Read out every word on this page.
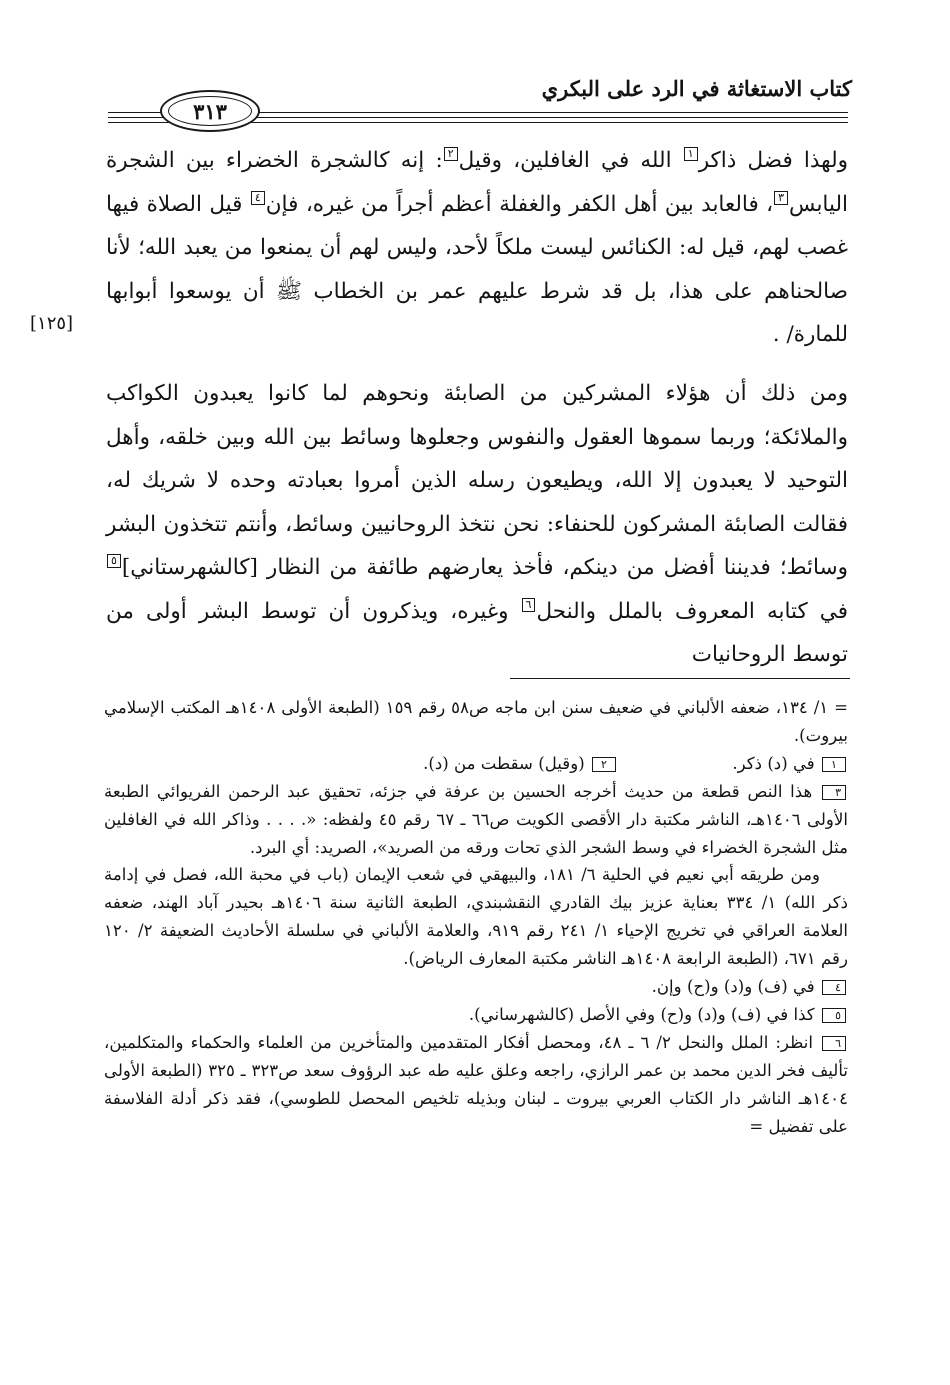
كتاب الاستغاثة في الرد على البكري
٣١٣
ولهذا فضل ذاكر١ الله في الغافلين، وقيل٢: إنه كالشجرة الخضراء بين الشجرة اليابس٣، فالعابد بين أهل الكفر والغفلة أعظم أجراً من غيره، فإن٤ قيل الصلاة فيها غصب لهم، قيل له: الكنائس ليست ملكاً لأحد، وليس لهم أن يمنعوا من يعبد الله؛ لأنا صالحناهم على هذا، بل قد شرط عليهم عمر بن الخطاب ﷺ أن يوسعوا أبوابها للمارة/ .
ومن ذلك أن هؤلاء المشركين من الصابئة ونحوهم لما كانوا يعبدون الكواكب والملائكة؛ وربما سموها العقول والنفوس وجعلوها وسائط بين الله وبين خلقه، وأهل التوحيد لا يعبدون إلا الله، ويطيعون رسله الذين أمروا بعبادته وحده لا شريك له، فقالت الصابئة المشركون للحنفاء: نحن نتخذ الروحانيين وسائط، وأنتم تتخذون البشر وسائط؛ فديننا أفضل من دينكم، فأخذ يعارضهم طائفة من النظار [كالشهرستاني]٥ في كتابه المعروف بالملل والنحل٦ وغيره، ويذكرون أن توسط البشر أولى من توسط الروحانيات
[١٢٥]

= ١/ ١٣٤، ضعفه الألباني في ضعيف سنن ابن ماجه ص٥٨ رقم ١٥٩ (الطبعة الأولى ١٤٠٨هـ المكتب الإسلامي بيروت).

١ في (د) ذكر.
٢ (وقيل) سقطت من (د).

٣ هذا النص قطعة من حديث أخرجه الحسين بن عرفة في جزئه، تحقيق عبد الرحمن الفريوائي الطبعة الأولى ١٤٠٦هـ، الناشر مكتبة دار الأقصى الكويت ص٦٦ ـ ٦٧ رقم ٤٥ ولفظه: «. . . . وذاكر الله في الغافلين مثل الشجرة الخضراء في وسط الشجر الذي تحات ورقه من الصريد»، الصريد: أي البرد.

ومن طريقه أبي نعيم في الحلية ٦/ ١٨١، والبيهقي في شعب الإيمان (باب في محبة الله، فصل في إدامة ذكر الله) ١/ ٣٣٤ بعناية عزيز بيك القادري النقشبندي، الطبعة الثانية سنة ١٤٠٦هـ بحيدر آباد الهند، ضعفه العلامة العراقي في تخريج الإحياء ١/ ٢٤١ رقم ٩١٩، والعلامة الألباني في سلسلة الأحاديث الضعيفة ٢/ ١٢٠ رقم ٦٧١، (الطبعة الرابعة ١٤٠٨هـ الناشر مكتبة المعارف الرياض).

٤ في (ف) و(د) و(ح) وإن.

٥ كذا في (ف) و(د) و(ح) وفي الأصل (كالشهرساني).

٦ انظر: الملل والنحل ٢/ ٦ ـ ٤٨، ومحصل أفكار المتقدمين والمتأخرين من العلماء والحكماء والمتكلمين، تأليف فخر الدين محمد بن عمر الرازي، راجعه وعلق عليه طه عبد الرؤوف سعد ص٣٢٣ ـ ٣٢٥ (الطبعة الأولى ١٤٠٤هـ الناشر دار الكتاب العربي بيروت ـ لبنان وبذيله تلخيص المحصل للطوسي)، فقد ذكر أدلة الفلاسفة على تفضيل =
